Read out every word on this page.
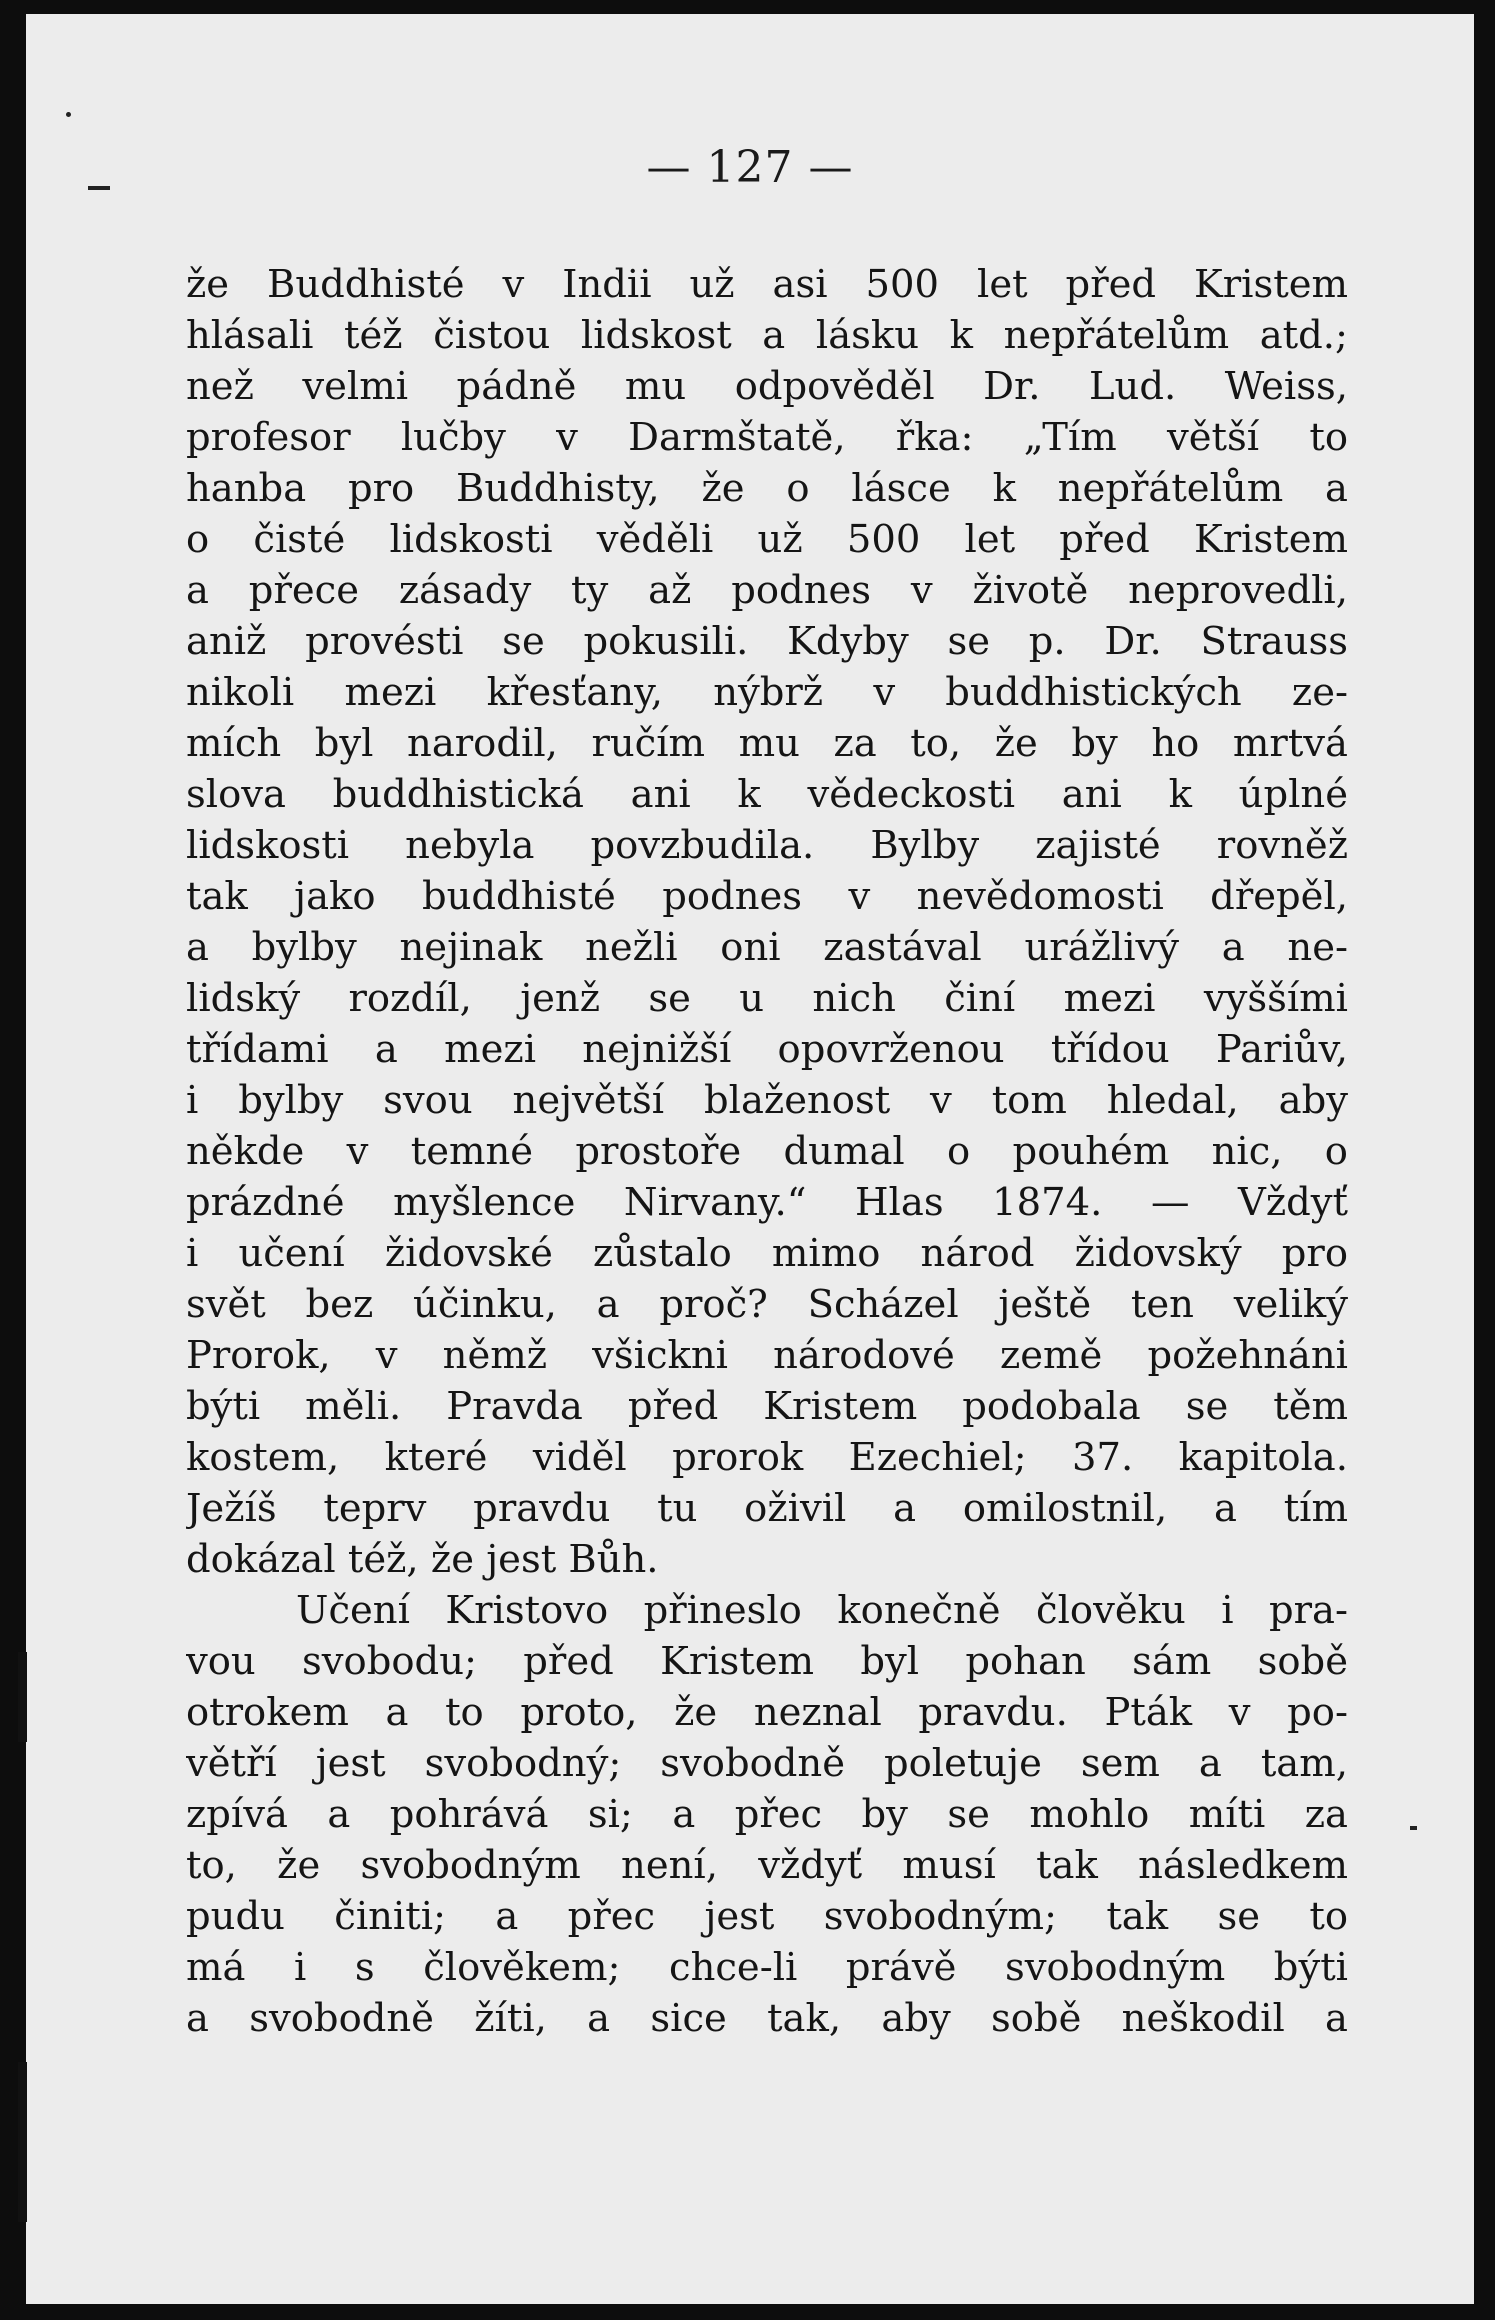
— 127 —
že Buddhisté v Indii už asi 500 let před Kristem
hlásali též čistou lidskost a lásku k nepřátelům atd.;
než velmi pádně mu odpověděl Dr. Lud. Weiss,
profesor lučby v Darmštatě, řka: „Tím větší to
hanba pro Buddhisty, že o lásce k nepřátelům a
o čisté lidskosti věděli už 500 let před Kristem
a přece zásady ty až podnes v životě neprovedli,
aniž provésti se pokusili. Kdyby se p. Dr. Strauss
nikoli mezi křesťany, nýbrž v buddhistických ze-
mích byl narodil, ručím mu za to, že by ho mrtvá
slova buddhistická ani k vědeckosti ani k úplné
lidskosti nebyla povzbudila. Bylby zajisté rovněž
tak jako buddhisté podnes v nevědomosti dřepěl,
a bylby nejinak nežli oni zastával urážlivý a ne-
lidský rozdíl, jenž se u nich činí mezi vyššími
třídami a mezi nejnižší opovrženou třídou Pariův,
i bylby svou největší blaženost v tom hledal, aby
někde v temné prostoře dumal o pouhém nic, o
prázdné myšlence Nirvany.“ Hlas 1874. — Vždyť
i učení židovské zůstalo mimo národ židovský pro
svět bez účinku, a proč? Scházel ještě ten veliký
Prorok, v němž všickni národové země požehnáni
býti měli. Pravda před Kristem podobala se těm
kostem, které viděl prorok Ezechiel; 37. kapitola.
Ježíš teprv pravdu tu oživil a omilostnil, a tím
dokázal též, že jest Bůh.
Učení Kristovo přineslo konečně člověku i pra-
vou svobodu; před Kristem byl pohan sám sobě
otrokem a to proto, že neznal pravdu. Pták v po-
větří jest svobodný; svobodně poletuje sem a tam,
zpívá a pohrává si; a přec by se mohlo míti za
to, že svobodným není, vždyť musí tak následkem
pudu činiti; a přec jest svobodným; tak se to
má i s člověkem; chce-li právě svobodným býti
a svobodně žíti, a sice tak, aby sobě neškodil a
